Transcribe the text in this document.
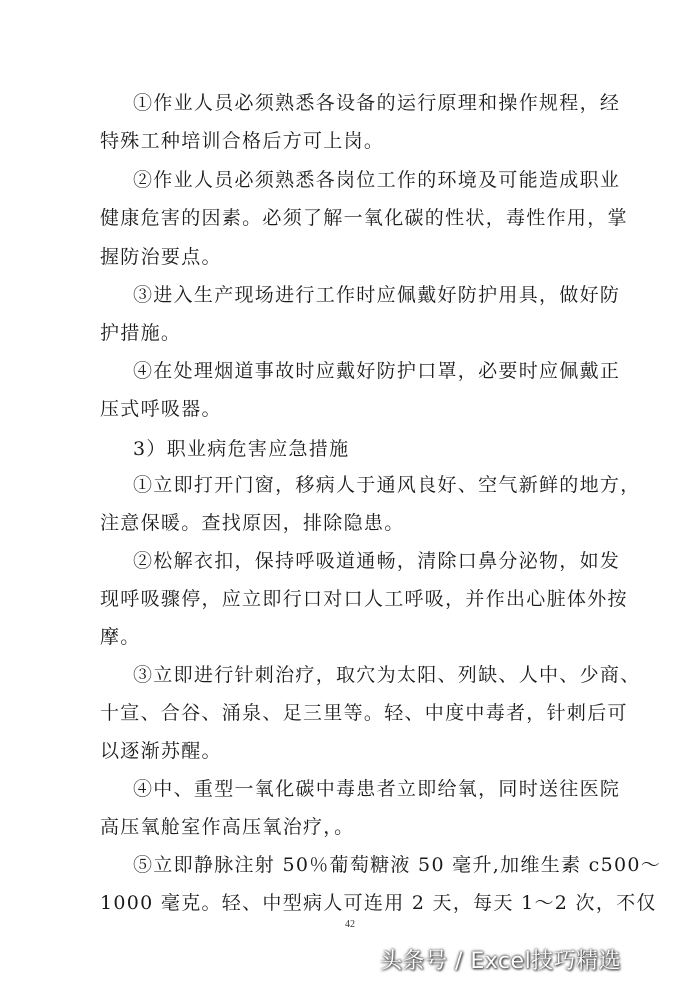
①作业人员必须熟悉各设备的运行原理和操作规程，经

特殊工种培训合格后方可上岗。

②作业人员必须熟悉各岗位工作的环境及可能造成职业

健康危害的因素。必须了解一氧化碳的性状，毒性作用，掌

握防治要点。

③进入生产现场进行工作时应佩戴好防护用具，做好防

护措施。

④在处理烟道事故时应戴好防护口罩，必要时应佩戴正

压式呼吸器。

3）职业病危害应急措施

①立即打开门窗，移病人于通风良好、空气新鲜的地方，

注意保暖。查找原因，排除隐患。

②松解衣扣，保持呼吸道通畅，清除口鼻分泌物，如发

现呼吸骤停，应立即行口对口人工呼吸，并作出心脏体外按

摩。

③立即进行针刺治疗，取穴为太阳、列缺、人中、少商、

十宣、合谷、涌泉、足三里等。轻、中度中毒者，针刺后可

以逐渐苏醒。

④中、重型一氧化碳中毒患者立即给氧，同时送往医院

高压氧舱室作高压氧治疗，。

⑤立即静脉注射 50％葡萄糖液 50 毫升,加维生素 c500～

1000 毫克。轻、中型病人可连用 2 天，每天 1～2 次，不仅

42
头条号 / Excel技巧精选
